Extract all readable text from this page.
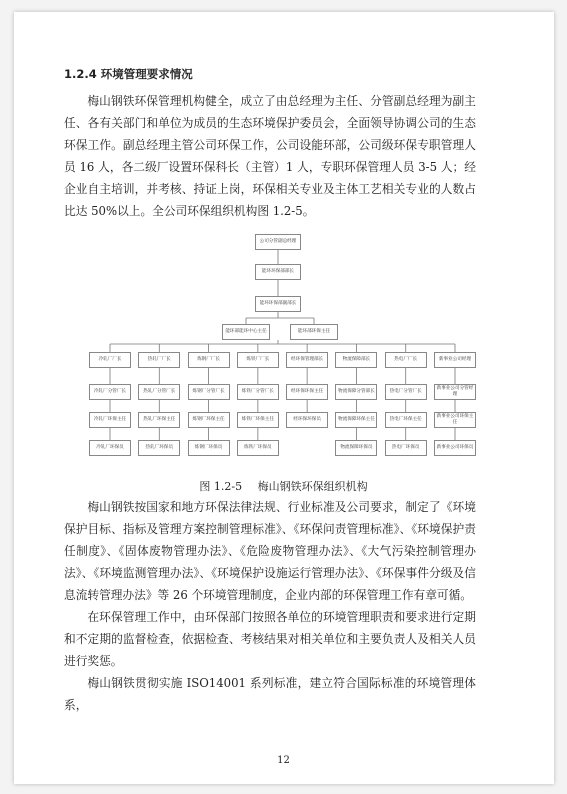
1.2.4 环境管理要求情况

梅山钢铁环保管理机构健全，成立了由总经理为主任、分管副总经理为副主任、各有关部门和单位为成员的生态环境保护委员会，全面领导协调公司的生态环保工作。副总经理主管公司环保工作，公司设能环部，公司级环保专职管理人员 16 人，各二级厂设置环保科长（主管）1 人，专职环保管理人员 3-5 人；经企业自主培训，并考核、持证上岗，环保相关专业及主体工艺相关专业的人数占比达 50%以上。全公司环保组织机构图 1.2-5。

公司分管副总经理
能环环保部部长
能环环保部副部长
能环部能环中心主任	能环部环保主任
冷轧厂厂长
冷轧厂分管厂长
冷轧厂环保主任
冷轧厂环保员
热轧厂厂长
热轧厂分管厂长
热轧厂环保主任
热轧厂环保员
炼钢厂厂长
炼钢厂分管厂长
炼钢厂环保主任
炼钢厂环保员
炼铁厂厂长
炼铁厂分管厂长
炼铁厂环保主任
炼铁厂环保员
经环保管理部长
经环保环保主任
经环保环保员
物流保障部长
物流保障分管部长
物流保障环保主任
物流保障环保员
热电厂厂长
热电厂分管厂长
热电厂环保主任
热电厂环保员
新事业公司经理
新事业公司分管经理
新事业公司环保主任
新事业公司环保员
图 1.2-5 梅山钢铁环保组织机构

梅山钢铁按国家和地方环保法律法规、行业标准及公司要求，制定了《环境保护目标、指标及管理方案控制管理标准》、《环保问责管理标准》、《环境保护责任制度》、《固体废物管理办法》、《危险废物管理办法》、《大气污染控制管理办法》、《环境监测管理办法》、《环境保护设施运行管理办法》、《环保事件分级及信息流转管理办法》等 26 个环境管理制度，企业内部的环保管理工作有章可循。

在环保管理工作中，由环保部门按照各单位的环境管理职责和要求进行定期和不定期的监督检查，依据检查、考核结果对相关单位和主要负责人及相关人员进行奖惩。

梅山钢铁贯彻实施 ISO14001 系列标准，建立符合国际标准的环境管理体系，

12
